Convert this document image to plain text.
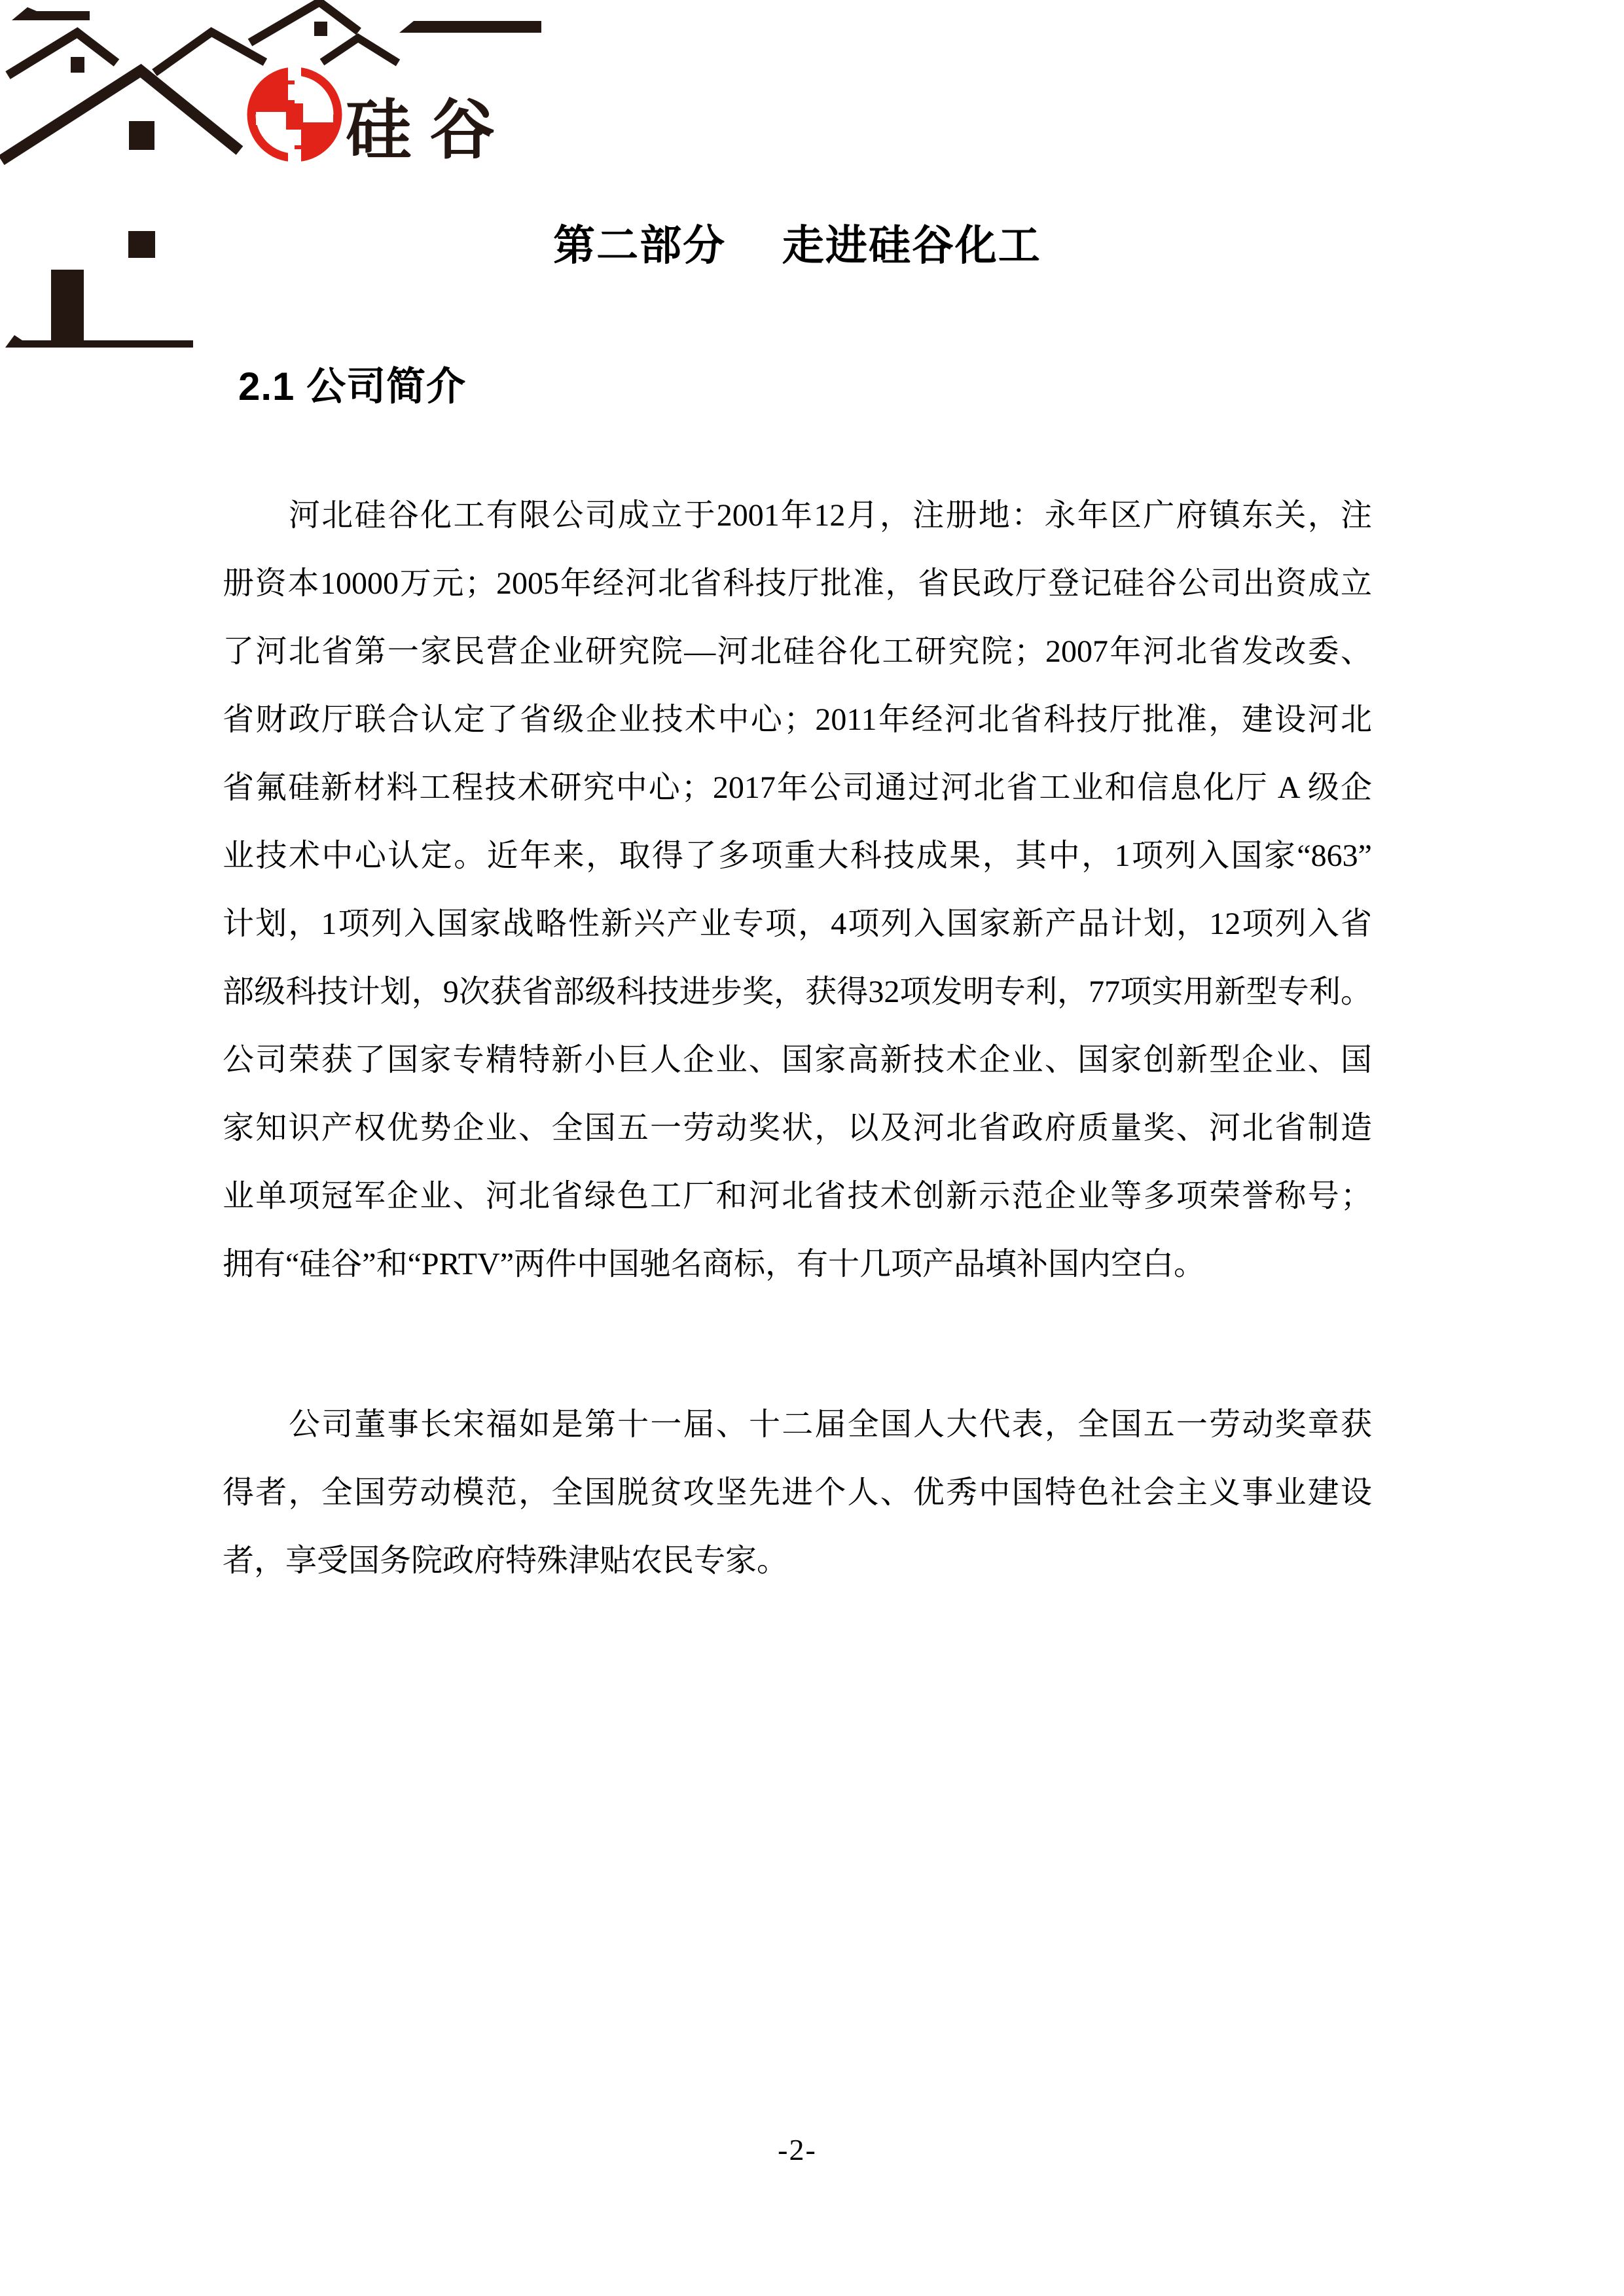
硅谷
第二部分　 走进硅谷化工
2.1 公司简介
河北硅谷化工有限公司成立于2001年12月，注册地：永年区广府镇东关，注
册资本10000万元；2005年经河北省科技厅批准，省民政厅登记硅谷公司出资成立
了河北省第一家民营企业研究院—河北硅谷化工研究院；2007年河北省发改委、
省财政厅联合认定了省级企业技术中心；2011年经河北省科技厅批准，建设河北
省氟硅新材料工程技术研究中心；2017年公司通过河北省工业和信息化厅 A 级企
业技术中心认定。近年来，取得了多项重大科技成果，其中，1项列入国家“863”
计划，1项列入国家战略性新兴产业专项，4项列入国家新产品计划，12项列入省
部级科技计划，9次获省部级科技进步奖，获得32项发明专利，77项实用新型专利。
公司荣获了国家专精特新小巨人企业、国家高新技术企业、国家创新型企业、国
家知识产权优势企业、全国五一劳动奖状，以及河北省政府质量奖、河北省制造
业单项冠军企业、河北省绿色工厂和河北省技术创新示范企业等多项荣誉称号；
拥有“硅谷”和“PRTV”两件中国驰名商标，有十几项产品填补国内空白。
公司董事长宋福如是第十一届、十二届全国人大代表，全国五一劳动奖章获
得者，全国劳动模范，全国脱贫攻坚先进个人、优秀中国特色社会主义事业建设
者，享受国务院政府特殊津贴农民专家。
-2-
